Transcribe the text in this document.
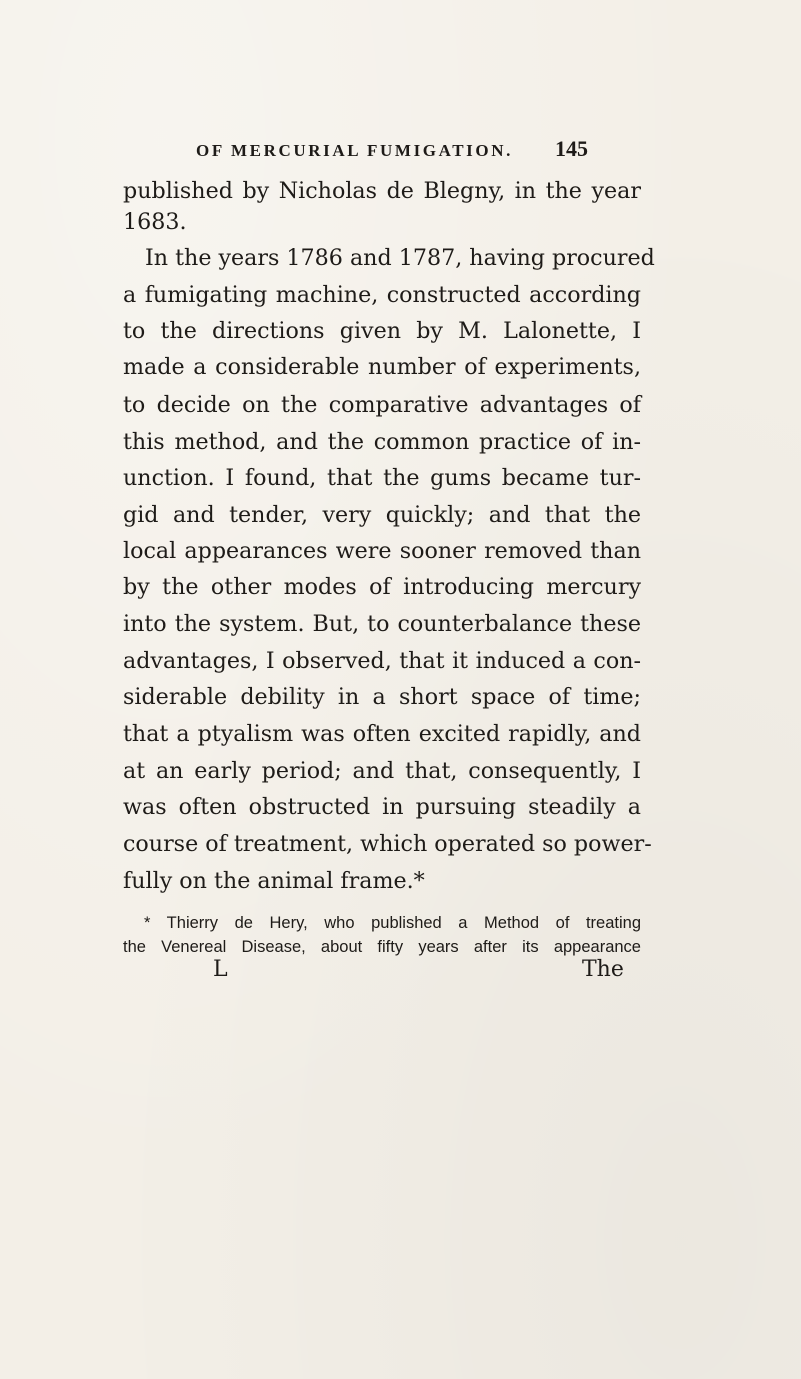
OF MERCURIAL FUMIGATION. 145
published by Nicholas de Blegny, in the year
1683.
In the years 1786 and 1787, having procured
a fumigating machine, constructed according
to the directions given by M. Lalonette, I
made a considerable number of experiments,
to decide on the comparative advantages of
this method, and the common practice of in-
unction. I found, that the gums became tur-
gid and tender, very quickly; and that the
local appearances were sooner removed than
by the other modes of introducing mercury
into the system. But, to counterbalance these
advantages, I observed, that it induced a con-
siderable debility in a short space of time;
that a ptyalism was often excited rapidly, and
at an early period; and that, consequently, I
was often obstructed in pursuing steadily a
course of treatment, which operated so power-
fully on the animal frame.*
* Thierry de Hery, who published a Method of treating
the Venereal Disease, about fifty years after its appearance
L	The
